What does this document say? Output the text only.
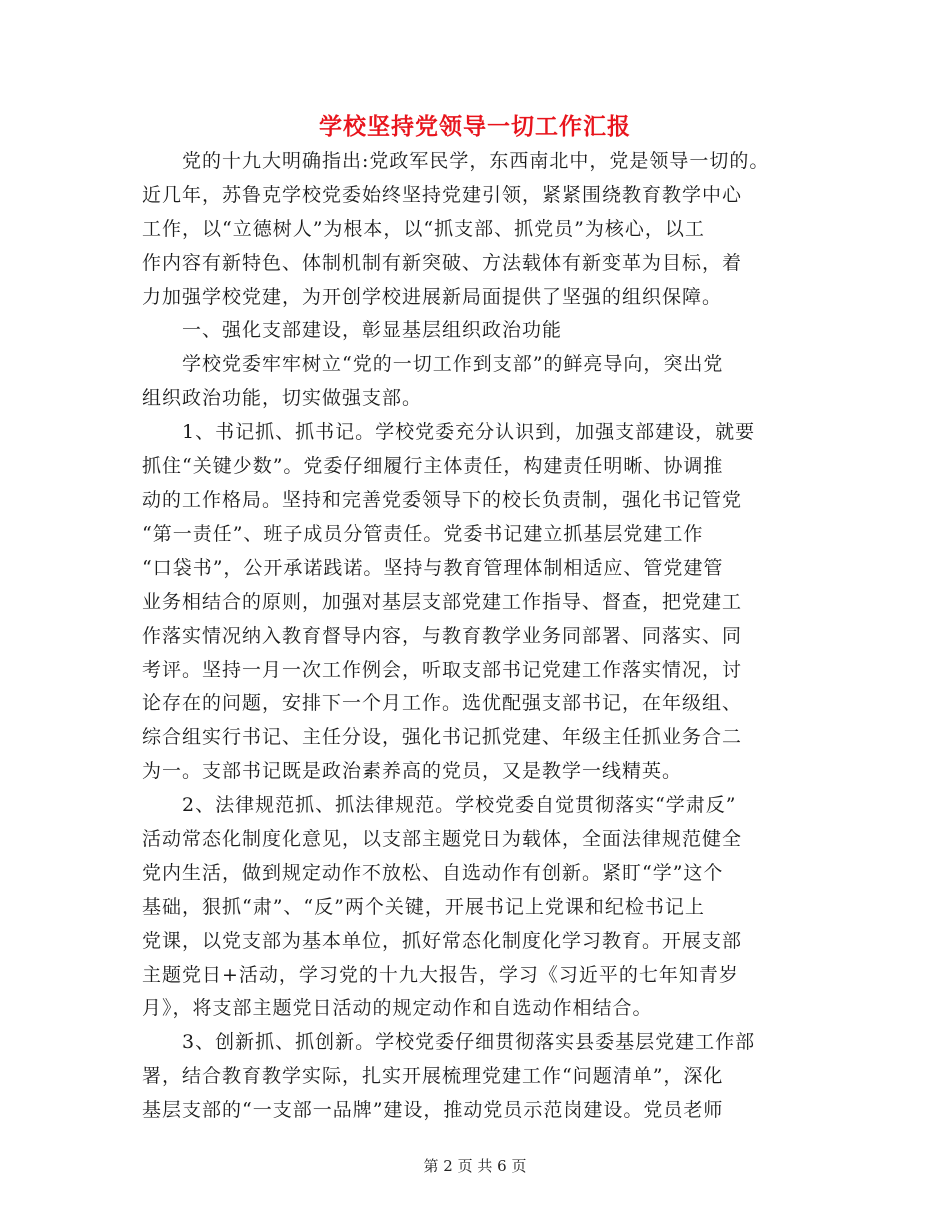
学校坚持党领导一切工作汇报
　　党的十九大明确指出:党政军民学，东西南北中，党是领导一切的。
近几年，苏鲁克学校党委始终坚持党建引领，紧紧围绕教育教学中心
工作，以“立德树人”为根本，以“抓支部、抓党员”为核心，以工
作内容有新特色、体制机制有新突破、方法载体有新变革为目标，着
力加强学校党建，为开创学校进展新局面提供了坚强的组织保障。
　　一、强化支部建设，彰显基层组织政治功能
　　学校党委牢牢树立“党的一切工作到支部”的鲜亮导向，突出党
组织政治功能，切实做强支部。
　　1、书记抓、抓书记。学校党委充分认识到，加强支部建设，就要
抓住“关键少数”。党委仔细履行主体责任，构建责任明晰、协调推
动的工作格局。坚持和完善党委领导下的校长负责制，强化书记管党
“第一责任”、班子成员分管责任。党委书记建立抓基层党建工作
“口袋书”，公开承诺践诺。坚持与教育管理体制相适应、管党建管
业务相结合的原则，加强对基层支部党建工作指导、督查，把党建工
作落实情况纳入教育督导内容，与教育教学业务同部署、同落实、同
考评。坚持一月一次工作例会，听取支部书记党建工作落实情况，讨
论存在的问题，安排下一个月工作。选优配强支部书记，在年级组、
综合组实行书记、主任分设，强化书记抓党建、年级主任抓业务合二
为一。支部书记既是政治素养高的党员，又是教学一线精英。
　　2、法律规范抓、抓法律规范。学校党委自觉贯彻落实“学肃反”
活动常态化制度化意见，以支部主题党日为载体，全面法律规范健全
党内生活，做到规定动作不放松、自选动作有创新。紧盯“学”这个
基础，狠抓“肃”、“反”两个关键，开展书记上党课和纪检书记上
党课，以党支部为基本单位，抓好常态化制度化学习教育。开展支部
主题党日+活动，学习党的十九大报告，学习《习近平的七年知青岁
月》，将支部主题党日活动的规定动作和自选动作相结合。
　　3、创新抓、抓创新。学校党委仔细贯彻落实县委基层党建工作部
署，结合教育教学实际，扎实开展梳理党建工作“问题清单”，深化
基层支部的“一支部一品牌”建设，推动党员示范岗建设。党员老师
第 2 页 共 6 页
